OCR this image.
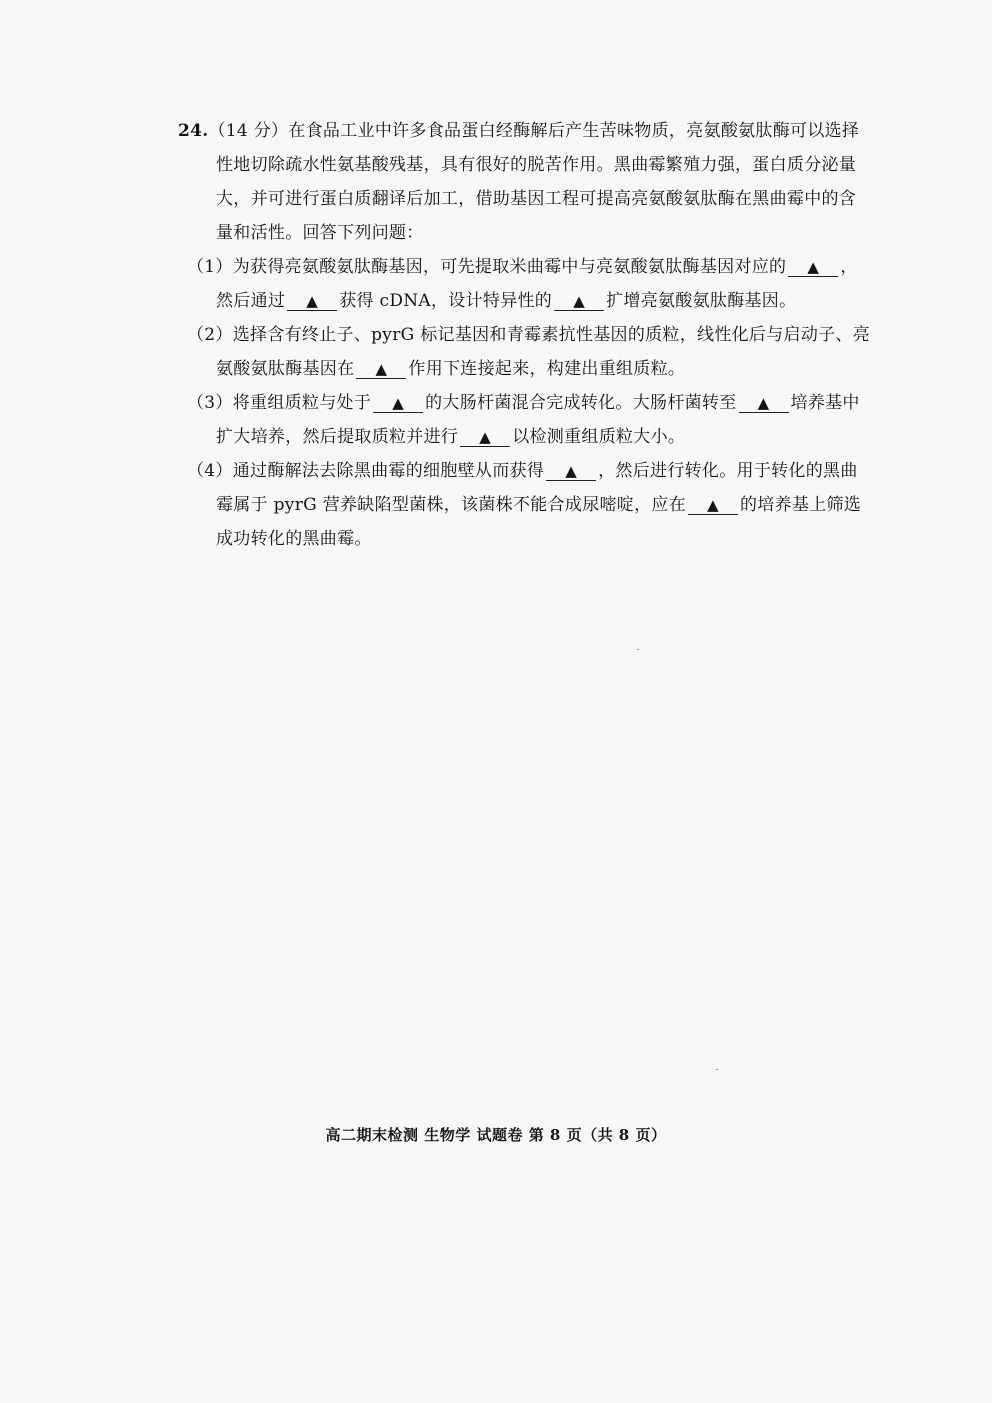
24.（14 分）在食品工业中许多食品蛋白经酶解后产生苦味物质，亮氨酸氨肽酶可以选择
性地切除疏水性氨基酸残基，具有很好的脱苦作用。黑曲霉繁殖力强，蛋白质分泌量
大，并可进行蛋白质翻译后加工，借助基因工程可提高亮氨酸氨肽酶在黑曲霉中的含
量和活性。回答下列问题：
（1）为获得亮氨酸氨肽酶基因，可先提取米曲霉中与亮氨酸氨肽酶基因对应的 ▲ ，
然后通过 ▲ 获得 cDNA，设计特异性的 ▲ 扩增亮氨酸氨肽酶基因。
（2）选择含有终止子、pyrG 标记基因和青霉素抗性基因的质粒，线性化后与启动子、亮
氨酸氨肽酶基因在 ▲ 作用下连接起来，构建出重组质粒。
（3）将重组质粒与处于 ▲ 的大肠杆菌混合完成转化。大肠杆菌转至 ▲ 培养基中
扩大培养，然后提取质粒并进行 ▲ 以检测重组质粒大小。
（4）通过酶解法去除黑曲霉的细胞壁从而获得 ▲ ，然后进行转化。用于转化的黑曲
霉属于 pyrG 营养缺陷型菌株，该菌株不能合成尿嘧啶，应在 ▲ 的培养基上筛选
成功转化的黑曲霉。
高二期末检测 生物学 试题卷 第 8 页（共 8 页）
